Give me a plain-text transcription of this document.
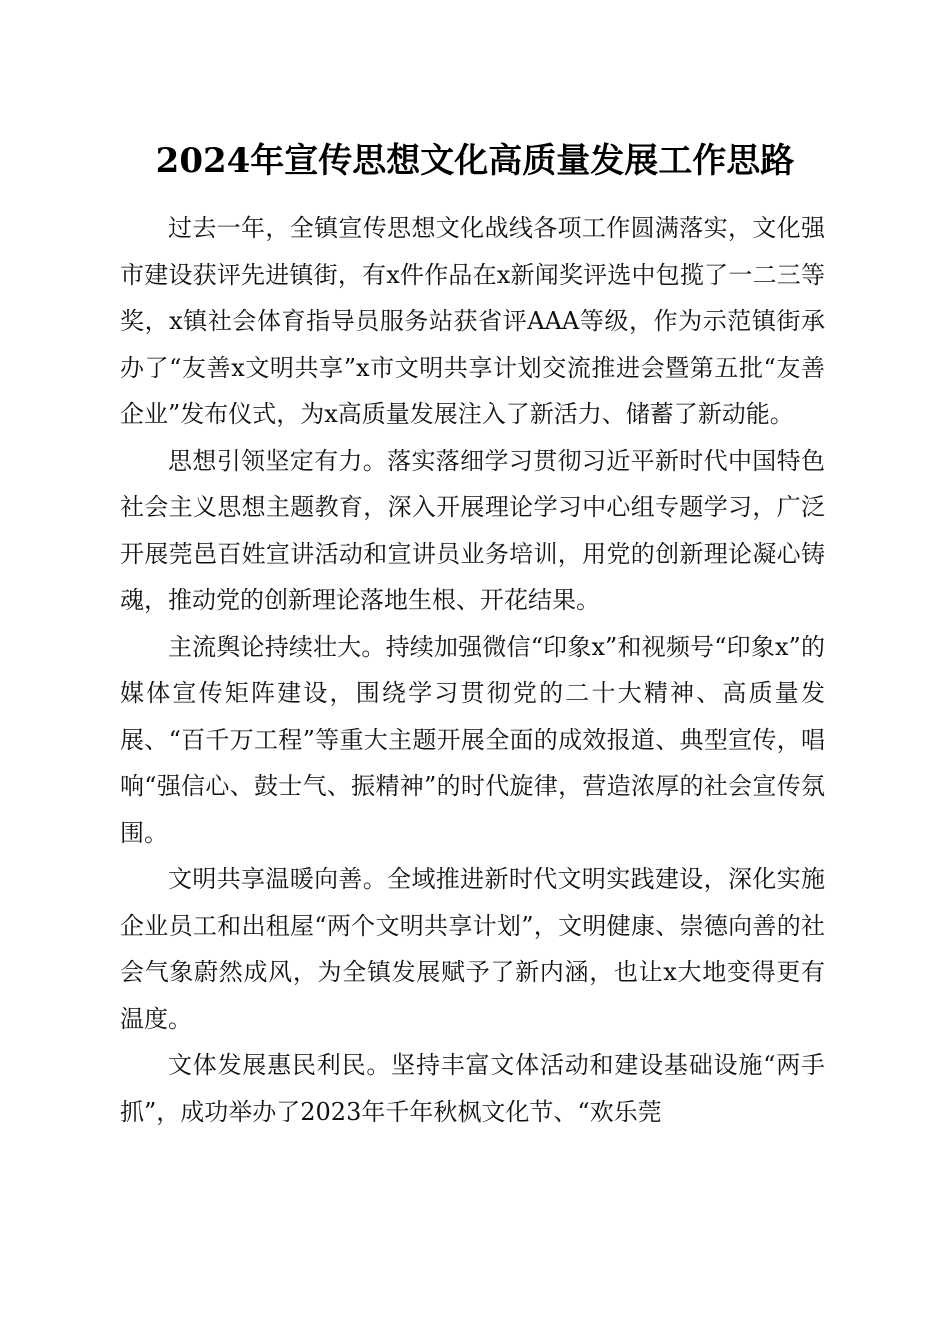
2024年宣传思想文化高质量发展工作思路

过去一年，全镇宣传思想文化战线各项工作圆满落实，文化强市建设获评先进镇街，有x件作品在x新闻奖评选中包揽了一二三等奖，x镇社会体育指导员服务站获省评AAA等级，作为示范镇街承办了“友善x文明共享”x市文明共享计划交流推进会暨第五批“友善企业”发布仪式，为x高质量发展注入了新活力、储蓄了新动能。

思想引领坚定有力。落实落细学习贯彻习近平新时代中国特色社会主义思想主题教育，深入开展理论学习中心组专题学习，广泛开展莞邑百姓宣讲活动和宣讲员业务培训，用党的创新理论凝心铸魂，推动党的创新理论落地生根、开花结果。

主流舆论持续壮大。持续加强微信“印象x”和视频号“印象x”的媒体宣传矩阵建设，围绕学习贯彻党的二十大精神、高质量发展、“百千万工程”等重大主题开展全面的成效报道、典型宣传，唱响“强信心、鼓士气、振精神”的时代旋律，营造浓厚的社会宣传氛围。

文明共享温暖向善。全域推进新时代文明实践建设，深化实施企业员工和出租屋“两个文明共享计划”，文明健康、崇德向善的社会气象蔚然成风，为全镇发展赋予了新内涵，也让x大地变得更有温度。

文体发展惠民利民。坚持丰富文体活动和建设基础设施“两手抓”，成功举办了2023年千年秋枫文化节、“欢乐莞
